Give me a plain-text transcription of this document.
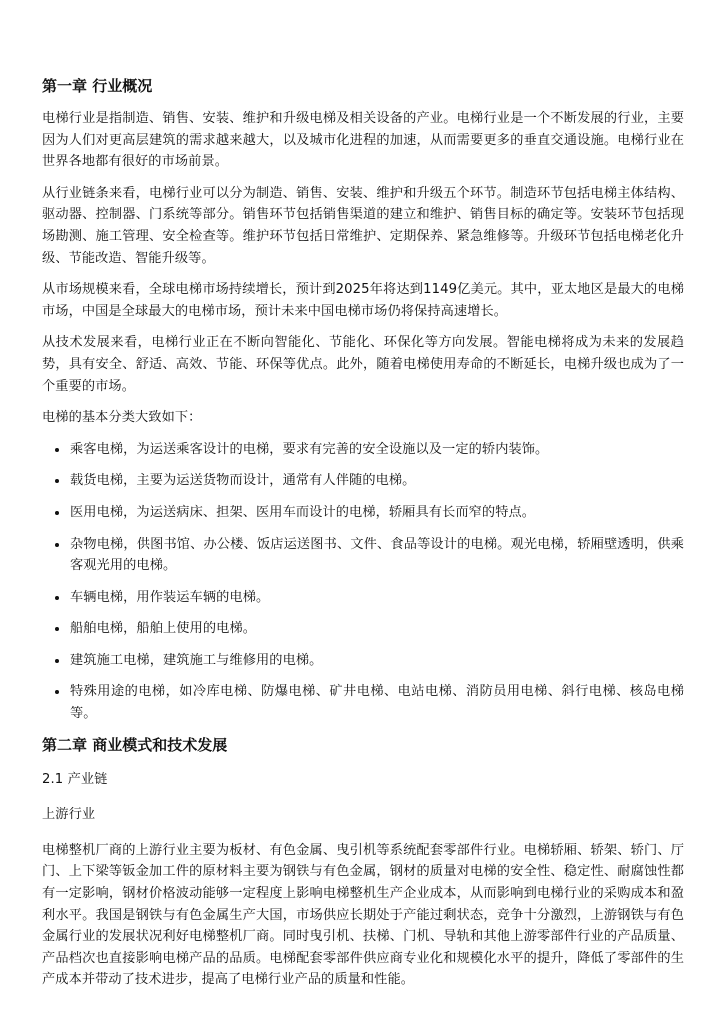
第一章 行业概况

电梯行业是指制造、销售、安装、维护和升级电梯及相关设备的产业。电梯行业是一个不断发展的行业，主要因为人们对更高层建筑的需求越来越大，以及城市化进程的加速，从而需要更多的垂直交通设施。电梯行业在世界各地都有很好的市场前景。

从行业链条来看，电梯行业可以分为制造、销售、安装、维护和升级五个环节。制造环节包括电梯主体结构、驱动器、控制器、门系统等部分。销售环节包括销售渠道的建立和维护、销售目标的确定等。安装环节包括现场勘测、施工管理、安全检查等。维护环节包括日常维护、定期保养、紧急维修等。升级环节包括电梯老化升级、节能改造、智能升级等。

从市场规模来看，全球电梯市场持续增长，预计到2025年将达到1149亿美元。其中，亚太地区是最大的电梯市场，中国是全球最大的电梯市场，预计未来中国电梯市场仍将保持高速增长。

从技术发展来看，电梯行业正在不断向智能化、节能化、环保化等方向发展。智能电梯将成为未来的发展趋势，具有安全、舒适、高效、节能、环保等优点。此外，随着电梯使用寿命的不断延长，电梯升级也成为了一个重要的市场。

电梯的基本分类大致如下：

• 乘客电梯，为运送乘客设计的电梯，要求有完善的安全设施以及一定的轿内装饰。
• 载货电梯，主要为运送货物而设计，通常有人伴随的电梯。
• 医用电梯，为运送病床、担架、医用车而设计的电梯，轿厢具有长而窄的特点。
• 杂物电梯，供图书馆、办公楼、饭店运送图书、文件、食品等设计的电梯。观光电梯，轿厢壁透明，供乘客观光用的电梯。
• 车辆电梯，用作装运车辆的电梯。
• 船舶电梯，船舶上使用的电梯。
• 建筑施工电梯，建筑施工与维修用的电梯。
• 特殊用途的电梯，如冷库电梯、防爆电梯、矿井电梯、电站电梯、消防员用电梯、斜行电梯、核岛电梯等。
第二章 商业模式和技术发展

2.1 产业链

上游行业

电梯整机厂商的上游行业主要为板材、有色金属、曳引机等系统配套零部件行业。电梯轿厢、轿架、轿门、厅门、上下梁等钣金加工件的原材料主要为钢铁与有色金属，钢材的质量对电梯的安全性、稳定性、耐腐蚀性都有一定影响，钢材价格波动能够一定程度上影响电梯整机生产企业成本，从而影响到电梯行业的采购成本和盈利水平。我国是钢铁与有色金属生产大国，市场供应长期处于产能过剩状态，竞争十分激烈，上游钢铁与有色金属行业的发展状况利好电梯整机厂商。同时曳引机、扶梯、门机、导轨和其他上游零部件行业的产品质量、产品档次也直接影响电梯产品的品质。电梯配套零部件供应商专业化和规模化水平的提升，降低了零部件的生产成本并带动了技术进步，提高了电梯行业产品的质量和性能。
